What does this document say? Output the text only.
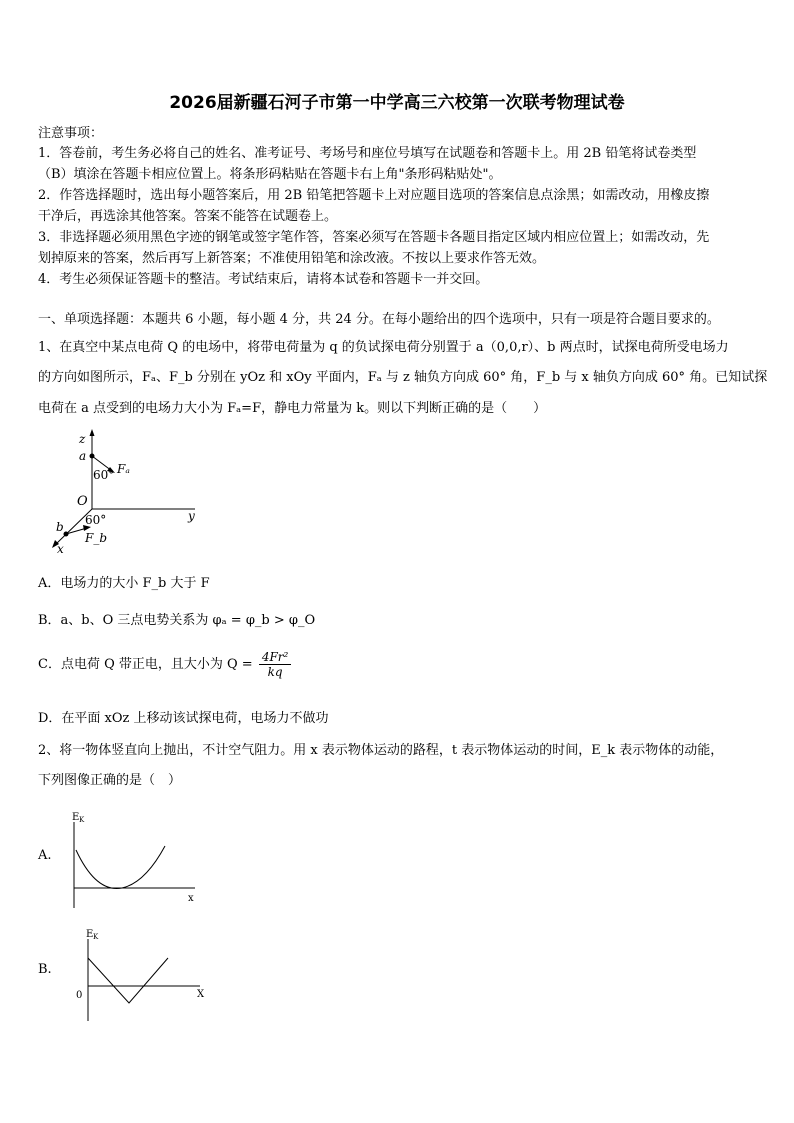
2026届新疆石河子市第一中学高三六校第一次联考物理试卷
注意事项：
1．答卷前，考生务必将自己的姓名、准考证号、考场号和座位号填写在试题卷和答题卡上。用 2B 铅笔将试卷类型
（B）填涂在答题卡相应位置上。将条形码粘贴在答题卡右上角"条形码粘贴处"。
2．作答选择题时，选出每小题答案后，用 2B 铅笔把答题卡上对应题目选项的答案信息点涂黑；如需改动，用橡皮擦
干净后，再选涂其他答案。答案不能答在试题卷上。
3．非选择题必须用黑色字迹的钢笔或签字笔作答，答案必须写在答题卡各题目指定区域内相应位置上；如需改动，先
划掉原来的答案，然后再写上新答案；不准使用铅笔和涂改液。不按以上要求作答无效。
4．考生必须保证答题卡的整洁。考试结束后，请将本试卷和答题卡一并交回。
一、单项选择题：本题共 6 小题，每小题 4 分，共 24 分。在每小题给出的四个选项中，只有一项是符合题目要求的。
1、在真空中某点电荷 Q 的电场中，将带电荷量为 q 的负试探电荷分别置于 a（0,0,r）、b 两点时，试探电荷所受电场力
的方向如图所示，Fₐ、F_b 分别在 yOz 和 xOy 平面内，Fₐ 与 z 轴负方向成 60° 角，F_b 与 x 轴负方向成 60° 角。已知试探
电荷在 a 点受到的电场力大小为 Fₐ=F，静电力常量为 k。则以下判断正确的是（　　）
z
a
60° Fₐ
O
y
b 60°
F_b
x
A．电场力的大小 F_b 大于 F
B．a、b、O 三点电势关系为 φₐ = φ_b > φ_O
C．点电荷 Q 带正电，且大小为 $Q = \frac{\text{4Fr²}}{kq}$
D．在平面 xOz 上移动该试探电荷，电场力不做功
2、将一物体竖直向上抛出，不计空气阻力。用 x 表示物体运动的路程，t 表示物体运动的时间，E_k 表示物体的动能，
下列图像正确的是（　）
A.
E K
x
B.
E K
0	X
